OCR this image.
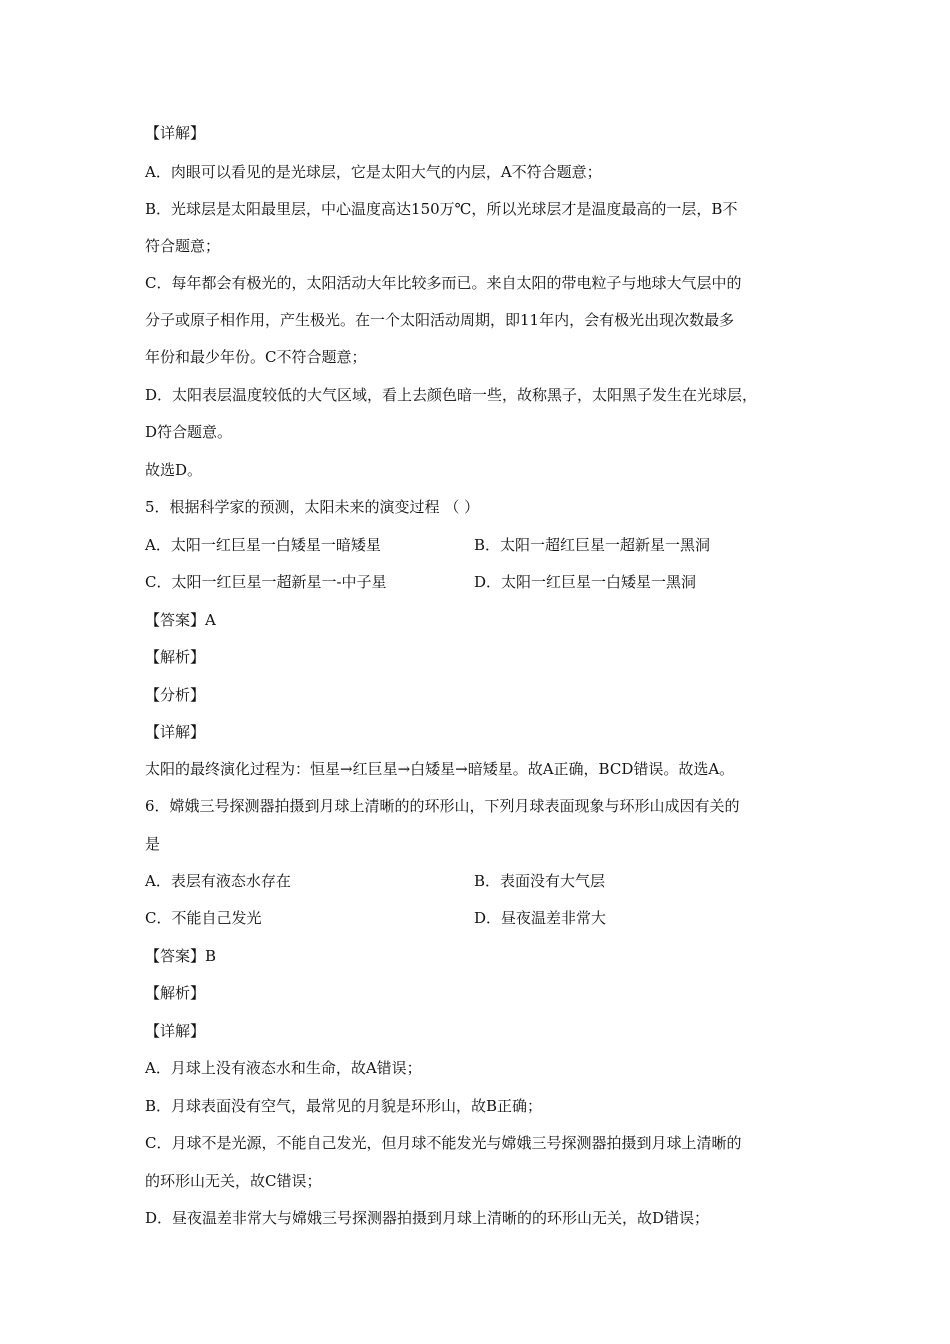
【详解】
A．肉眼可以看见的是光球层，它是太阳大气的内层，A不符合题意；
B．光球层是太阳最里层，中心温度高达150万℃，所以光球层才是温度最高的一层，B不
符合题意；
C．每年都会有极光的，太阳活动大年比较多而已。来自太阳的带电粒子与地球大气层中的
分子或原子相作用，产生极光。在一个太阳活动周期，即11年内，会有极光出现次数最多
年份和最少年份。C不符合题意；
D．太阳表层温度较低的大气区域，看上去颜色暗一些，故称黑子，太阳黑子发生在光球层，
D符合题意。
故选D。
5．根据科学家的预测，太阳未来的演变过程 （ ）
A．太阳一红巨星一白矮星一暗矮星	B．太阳一超红巨星一超新星一黑洞
C．太阳一红巨星一超新星一-中子星	D．太阳一红巨星一白矮星一黑洞
【答案】A
【解析】
【分析】
【详解】
太阳的最终演化过程为：恒星→红巨星→白矮星→暗矮星。故A正确，BCD错误。故选A。
6．嫦娥三号探测器拍摄到月球上清晰的的环形山，下列月球表面现象与环形山成因有关的
是
A．表层有液态水存在	B．表面没有大气层
C．不能自己发光	D．昼夜温差非常大
【答案】B
【解析】
【详解】
A．月球上没有液态水和生命，故A错误；
B．月球表面没有空气，最常见的月貌是环形山，故B正确；
C．月球不是光源，不能自己发光，但月球不能发光与嫦娥三号探测器拍摄到月球上清晰的
的环形山无关，故C错误；
D．昼夜温差非常大与嫦娥三号探测器拍摄到月球上清晰的的环形山无关，故D错误；
